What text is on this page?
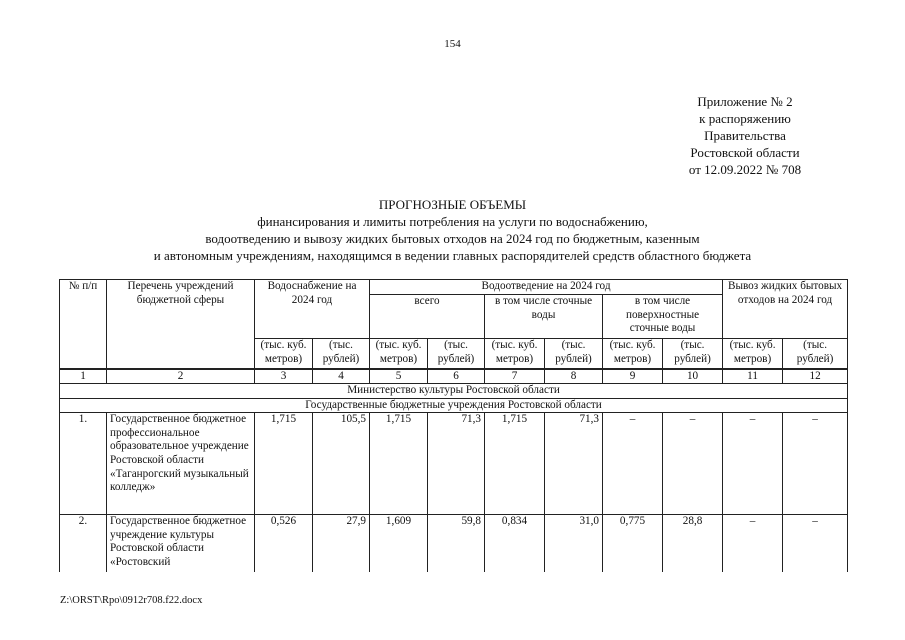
154
Приложение № 2
к распоряжению
Правительства
Ростовской области
от 12.09.2022 № 708
ПРОГНОЗНЫЕ ОБЪЕМЫ
финансирования и лимиты потребления на услуги по водоснабжению,
водоотведению и вывозу жидких бытовых отходов на 2024 год по бюджетным, казенным
и автономным учреждениям, находящимся в ведении главных распорядителей средств областного бюджета
№ п/п	Перечень учреждений бюджетной сферы	Водоснабжение на 2024 год		Водоотведение на 2024 год						Вывоз жидких бытовых отходов на 2024 год	
				всего		в том числе сточные воды		в том числе поверхностные сточные воды			
		(тыс. куб. метров)	(тыс. рублей)	(тыс. куб. метров)	(тыс. рублей)	(тыс. куб. метров)	(тыс. рублей)	(тыс. куб. метров)	(тыс. рублей)	(тыс. куб. метров)	(тыс. рублей)
1	2	3	4	5	6	7	8	9	10	11	12
Министерство культуры Ростовской области											
Государственные бюджетные учреждения Ростовской области											
1.	Государственное бюджетное профессиональное образовательное учреждение Ростовской области «Таганрогский музыкальный колледж»	1,715	105,5	1,715	71,3	1,715	71,3	–	–	–	–
2.	Государственное бюджетное учреждение культуры Ростовской области «Ростовский	0,526	27,9	1,609	59,8	0,834	31,0	0,775	28,8	–	–
Z:\ORST\Rpo\0912r708.f22.docx
